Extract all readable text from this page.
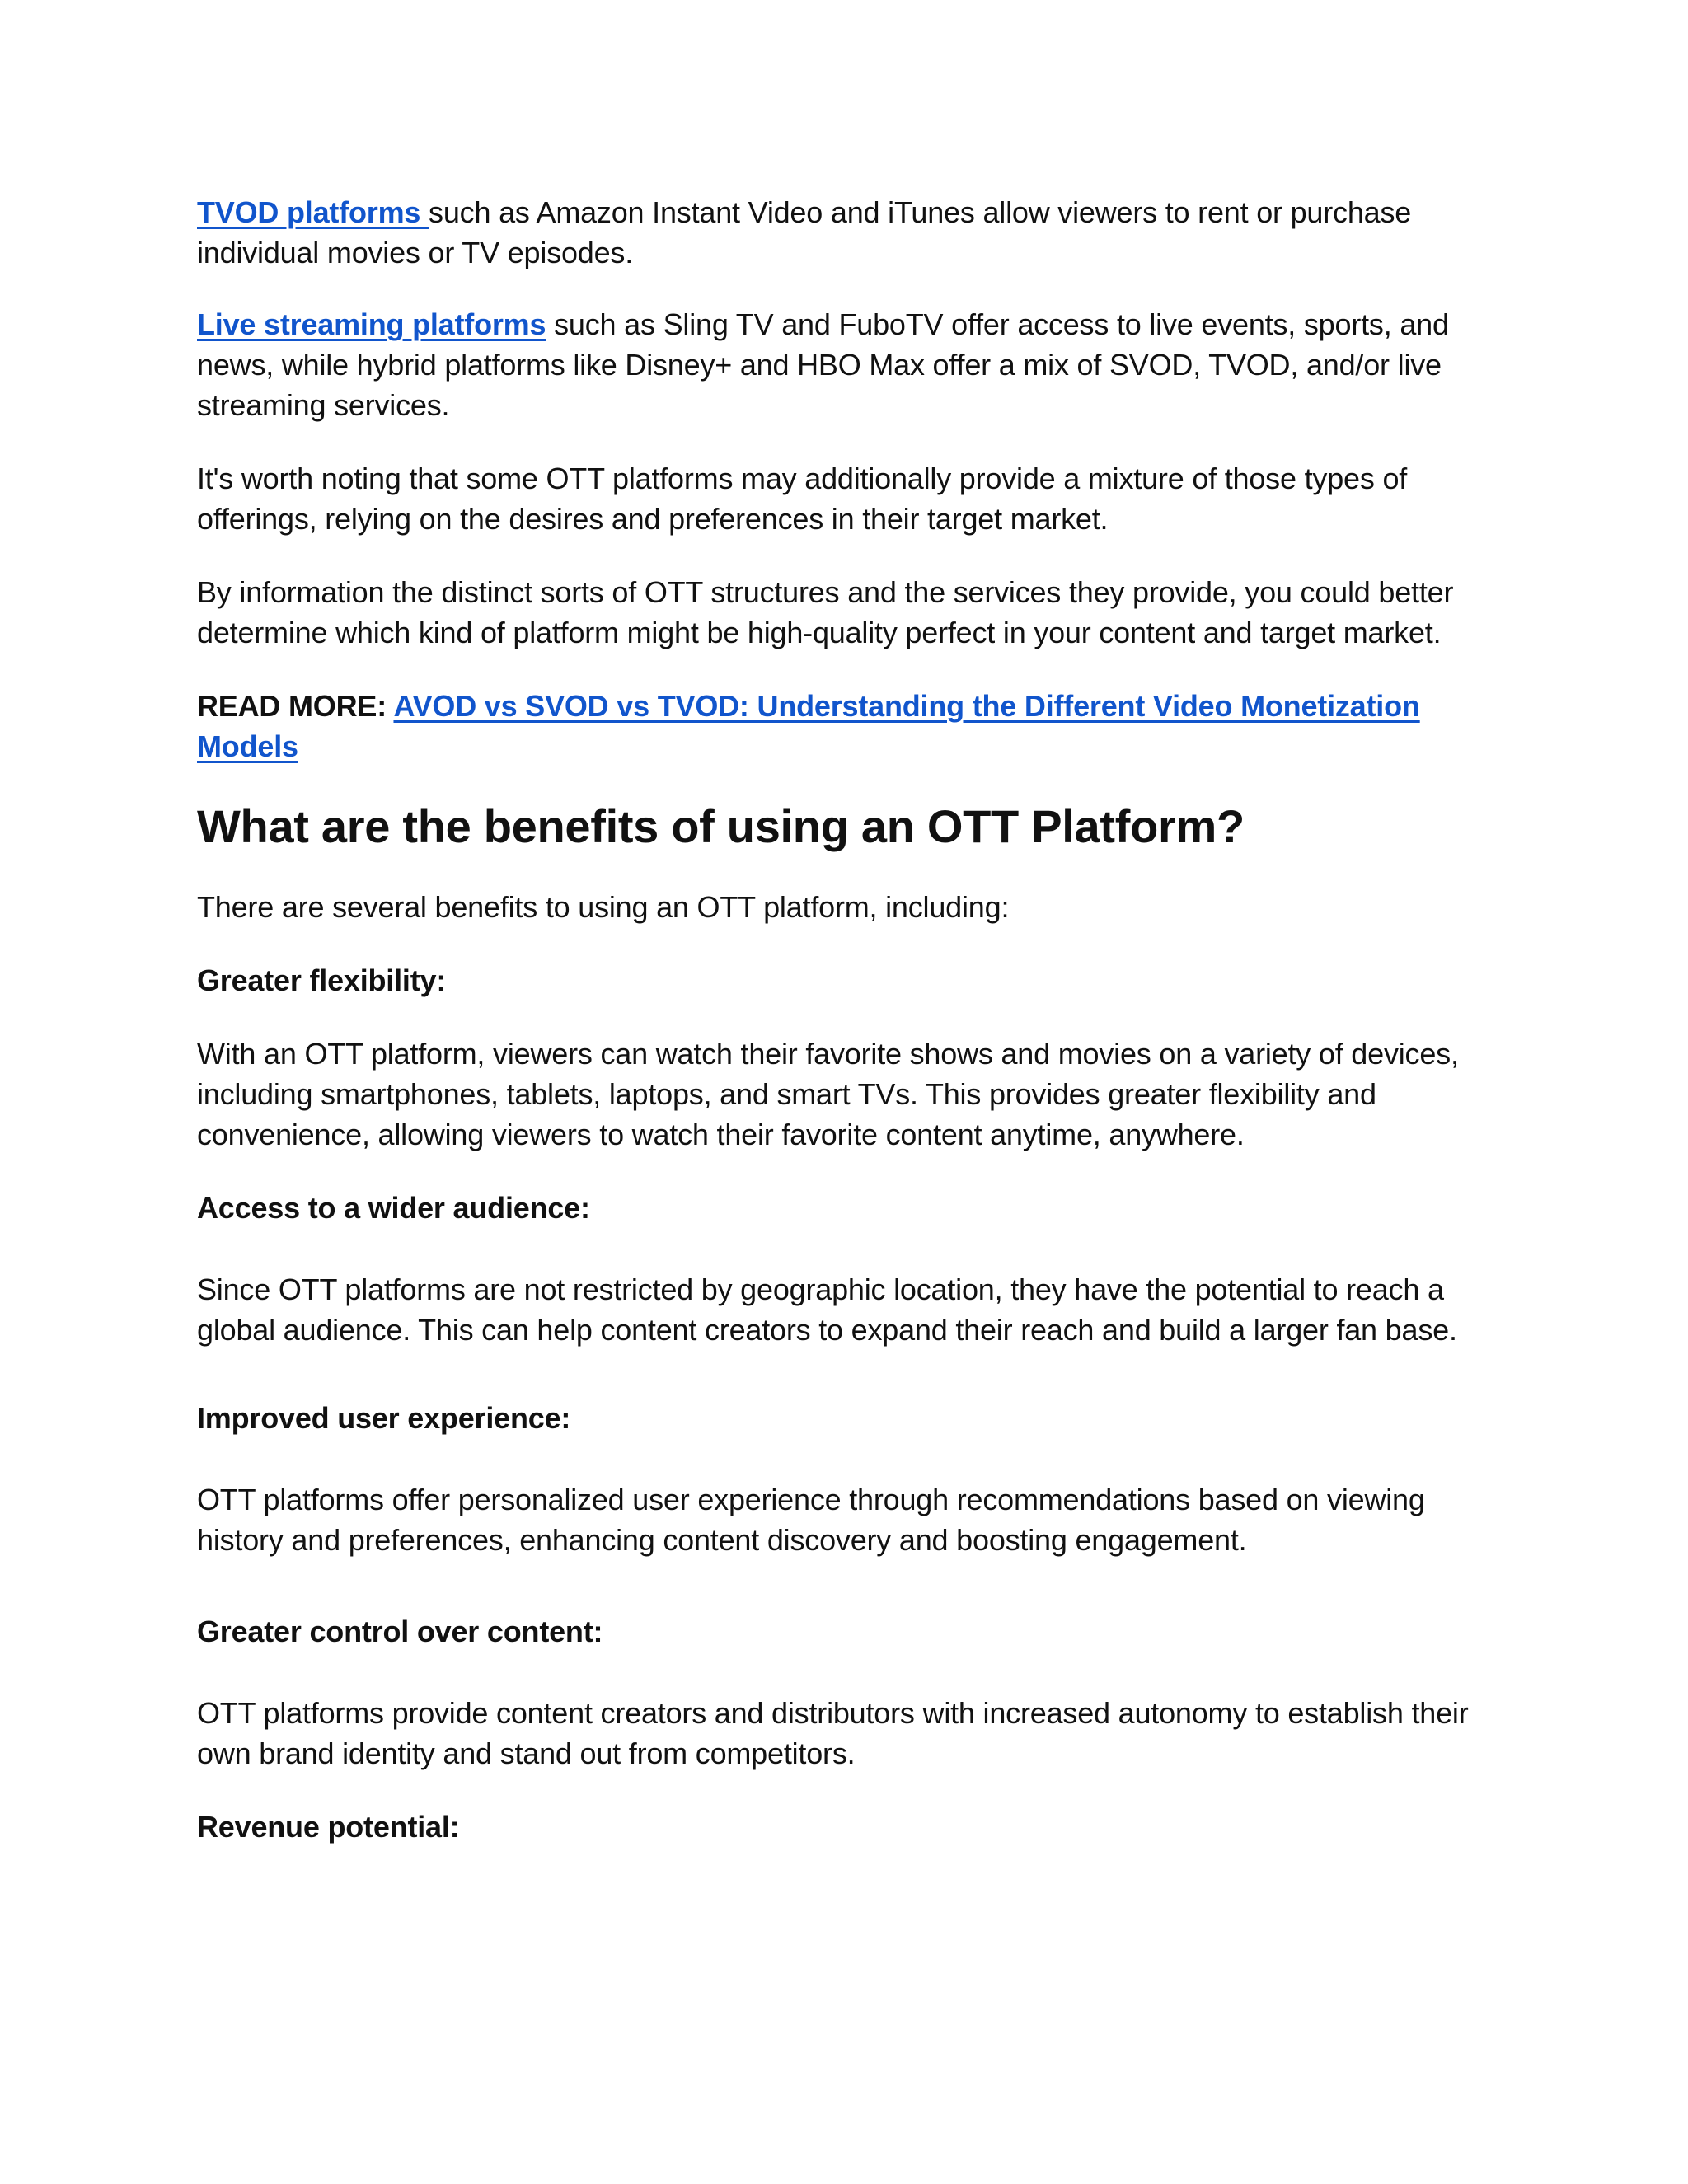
TVOD platforms such as Amazon Instant Video and iTunes allow viewers to rent or purchase individual movies or TV episodes.

Live streaming platforms such as Sling TV and FuboTV offer access to live events, sports, and news, while hybrid platforms like Disney+ and HBO Max offer a mix of SVOD, TVOD, and/or live streaming services.

It's worth noting that some OTT platforms may additionally provide a mixture of those types of offerings, relying on the desires and preferences in their target market.

By information the distinct sorts of OTT structures and the services they provide, you could better determine which kind of platform might be high-quality perfect in your content and target market.

READ MORE: AVOD vs SVOD vs TVOD: Understanding the Different Video Monetization Models

What are the benefits of using an OTT Platform?

There are several benefits to using an OTT platform, including:

Greater flexibility:

With an OTT platform, viewers can watch their favorite shows and movies on a variety of devices, including smartphones, tablets, laptops, and smart TVs. This provides greater flexibility and convenience, allowing viewers to watch their favorite content anytime, anywhere.

Access to a wider audience:

Since OTT platforms are not restricted by geographic location, they have the potential to reach a global audience. This can help content creators to expand their reach and build a larger fan base.

Improved user experience:

OTT platforms offer personalized user experience through recommendations based on viewing history and preferences, enhancing content discovery and boosting engagement.

Greater control over content:

OTT platforms provide content creators and distributors with increased autonomy to establish their own brand identity and stand out from competitors.

Revenue potential:
